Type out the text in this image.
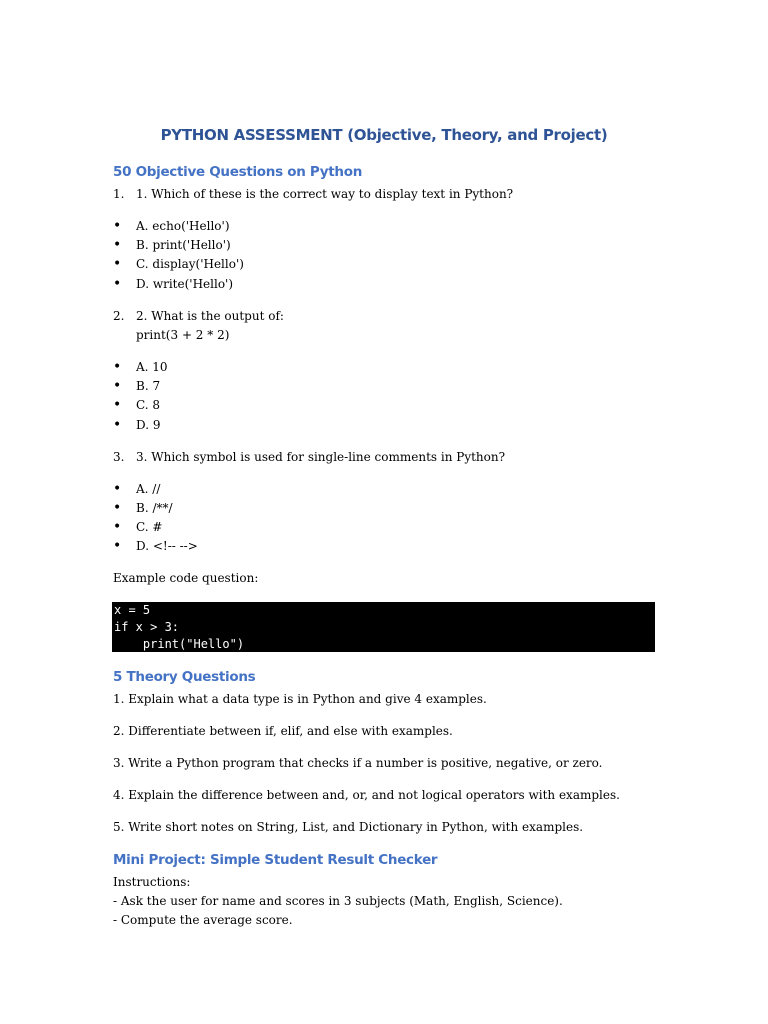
PYTHON ASSESSMENT (Objective, Theory, and Project)
50 Objective Questions on Python
1. 1. Which of these is the correct way to display text in Python?
• A. echo('Hello')
• B. print('Hello')
• C. display('Hello')
• D. write('Hello')
2. 2. What is the output of:
print(3 + 2 * 2)
• A. 10
• B. 7
• C. 8
• D. 9
3. 3. Which symbol is used for single-line comments in Python?
• A. //
• B. /**/
• C. #
• D. <!-- -->
Example code question:
x = 5
if x > 3:
print("Hello")
5 Theory Questions
1. Explain what a data type is in Python and give 4 examples.
2. Differentiate between if, elif, and else with examples.
3. Write a Python program that checks if a number is positive, negative, or zero.
4. Explain the difference between and, or, and not logical operators with examples.
5. Write short notes on String, List, and Dictionary in Python, with examples.
Mini Project: Simple Student Result Checker
Instructions:
- Ask the user for name and scores in 3 subjects (Math, English, Science).
- Compute the average score.
